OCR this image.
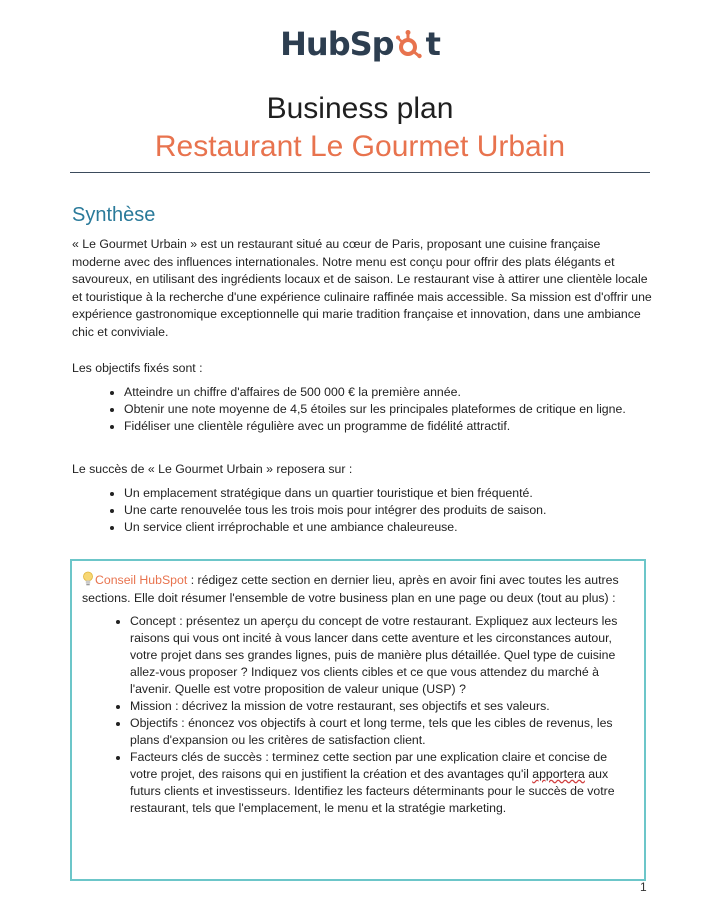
HubSp t
Business plan
Restaurant Le Gourmet Urbain
Synthèse

« Le Gourmet Urbain » est un restaurant situé au cœur de Paris, proposant une cuisine française moderne avec des influences internationales. Notre menu est conçu pour offrir des plats élégants et savoureux, en utilisant des ingrédients locaux et de saison. Le restaurant vise à attirer une clientèle locale et touristique à la recherche d'une expérience culinaire raffinée mais accessible. Sa mission est d'offrir une expérience gastronomique exceptionnelle qui marie tradition française et innovation, dans une ambiance chic et conviviale.

Les objectifs fixés sont :

• Atteindre un chiffre d'affaires de 500 000 € la première année.
• Obtenir une note moyenne de 4,5 étoiles sur les principales plateformes de critique en ligne.
• Fidéliser une clientèle régulière avec un programme de fidélité attractif.

Le succès de « Le Gourmet Urbain » reposera sur :

• Un emplacement stratégique dans un quartier touristique et bien fréquenté.
• Une carte renouvelée tous les trois mois pour intégrer des produits de saison.
• Un service client irréprochable et une ambiance chaleureuse.
Conseil HubSpot : rédigez cette section en dernier lieu, après en avoir fini avec toutes les autres sections. Elle doit résumer l'ensemble de votre business plan en une page ou deux (tout au plus) :
• Concept : présentez un aperçu du concept de votre restaurant. Expliquez aux lecteurs les raisons qui vous ont incité à vous lancer dans cette aventure et les circonstances autour, votre projet dans ses grandes lignes, puis de manière plus détaillée. Quel type de cuisine allez-vous proposer ? Indiquez vos clients cibles et ce que vous attendez du marché à l'avenir. Quelle est votre proposition de valeur unique (USP) ?
• Mission : décrivez la mission de votre restaurant, ses objectifs et ses valeurs.
• Objectifs : énoncez vos objectifs à court et long terme, tels que les cibles de revenus, les plans d'expansion ou les critères de satisfaction client.
• Facteurs clés de succès : terminez cette section par une explication claire et concise de votre projet, des raisons qui en justifient la création et des avantages qu'il apportera aux futurs clients et investisseurs. Identifiez les facteurs déterminants pour le succès de votre restaurant, tels que l'emplacement, le menu et la stratégie marketing.
1
